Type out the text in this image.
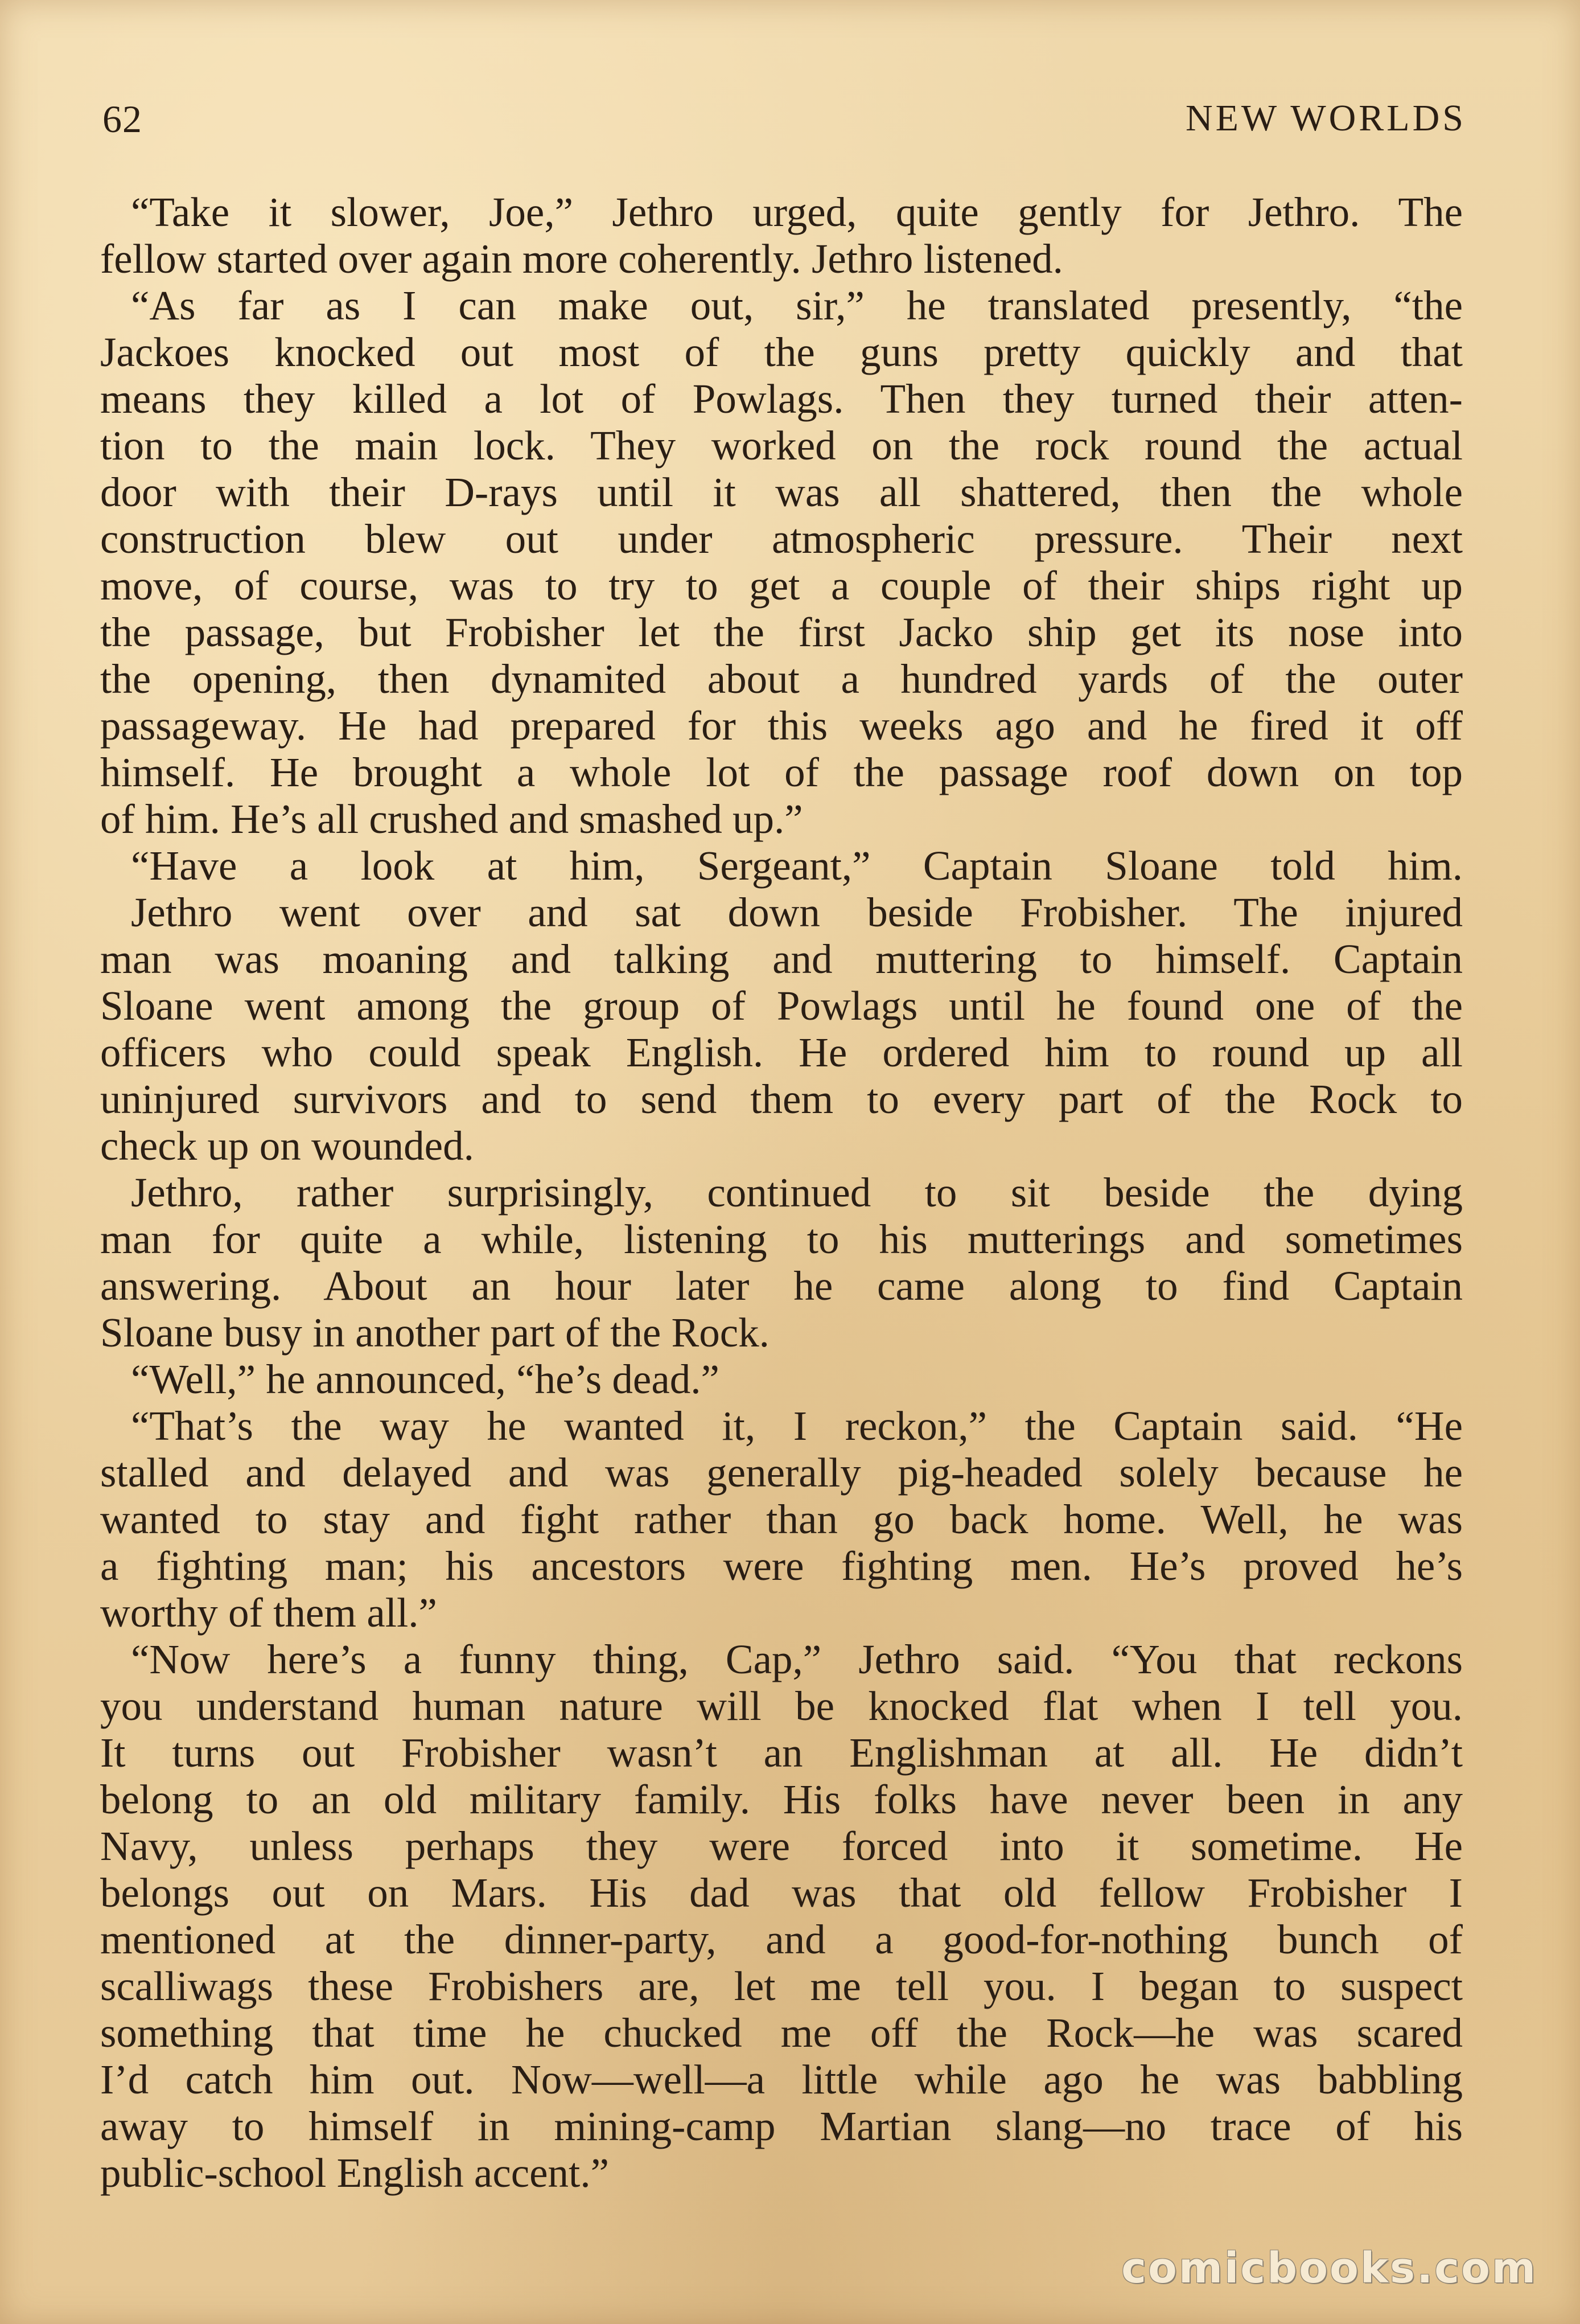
62	NEW WORLDS
“Take it slower, Joe,” Jethro urged, quite gently for Jethro. The
fellow started over again more coherently. Jethro listened.
“As far as I can make out, sir,” he translated presently, “the
Jackoes knocked out most of the guns pretty quickly and that
means they killed a lot of Powlags. Then they turned their atten-
tion to the main lock. They worked on the rock round the actual
door with their D-rays until it was all shattered, then the whole
construction blew out under atmospheric pressure. Their next
move, of course, was to try to get a couple of their ships right up
the passage, but Frobisher let the first Jacko ship get its nose into
the opening, then dynamited about a hundred yards of the outer
passageway. He had prepared for this weeks ago and he fired it off
himself. He brought a whole lot of the passage roof down on top
of him. He’s all crushed and smashed up.”
“Have a look at him, Sergeant,” Captain Sloane told him.
Jethro went over and sat down beside Frobisher. The injured
man was moaning and talking and muttering to himself. Captain
Sloane went among the group of Powlags until he found one of the
officers who could speak English. He ordered him to round up all
uninjured survivors and to send them to every part of the Rock to
check up on wounded.
Jethro, rather surprisingly, continued to sit beside the dying
man for quite a while, listening to his mutterings and sometimes
answering. About an hour later he came along to find Captain
Sloane busy in another part of the Rock.
“Well,” he announced, “he’s dead.”
“That’s the way he wanted it, I reckon,” the Captain said. “He
stalled and delayed and was generally pig-headed solely because he
wanted to stay and fight rather than go back home. Well, he was
a fighting man; his ancestors were fighting men. He’s proved he’s
worthy of them all.”
“Now here’s a funny thing, Cap,” Jethro said. “You that reckons
you understand human nature will be knocked flat when I tell you.
It turns out Frobisher wasn’t an Englishman at all. He didn’t
belong to an old military family. His folks have never been in any
Navy, unless perhaps they were forced into it sometime. He
belongs out on Mars. His dad was that old fellow Frobisher I
mentioned at the dinner-party, and a good-for-nothing bunch of
scalliwags these Frobishers are, let me tell you. I began to suspect
something that time he chucked me off the Rock—he was scared
I’d catch him out. Now—well—a little while ago he was babbling
away to himself in mining-camp Martian slang—no trace of his
public-school English accent.”
comicbooks.com
